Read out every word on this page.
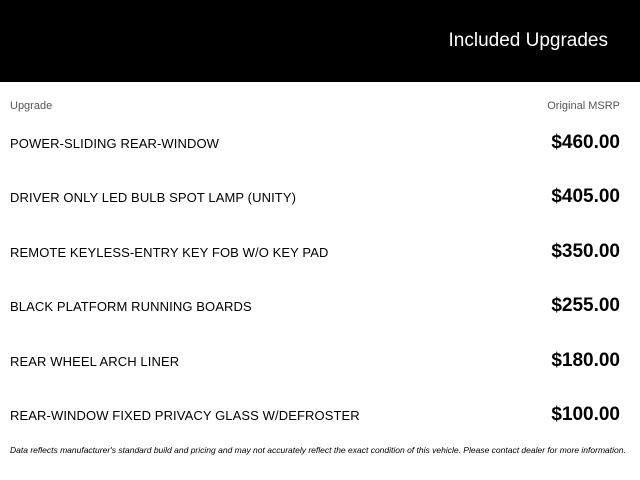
Included Upgrades
Upgrade	Original MSRP
POWER-SLIDING REAR-WINDOW	$460.00
DRIVER ONLY LED BULB SPOT LAMP (UNITY)	$405.00
REMOTE KEYLESS-ENTRY KEY FOB W/O KEY PAD	$350.00
BLACK PLATFORM RUNNING BOARDS	$255.00
REAR WHEEL ARCH LINER	$180.00
REAR-WINDOW FIXED PRIVACY GLASS W/DEFROSTER	$100.00
Data reflects manufacturer's standard build and pricing and may not accurately reflect the exact condition of this vehicle. Please contact dealer for more information.
